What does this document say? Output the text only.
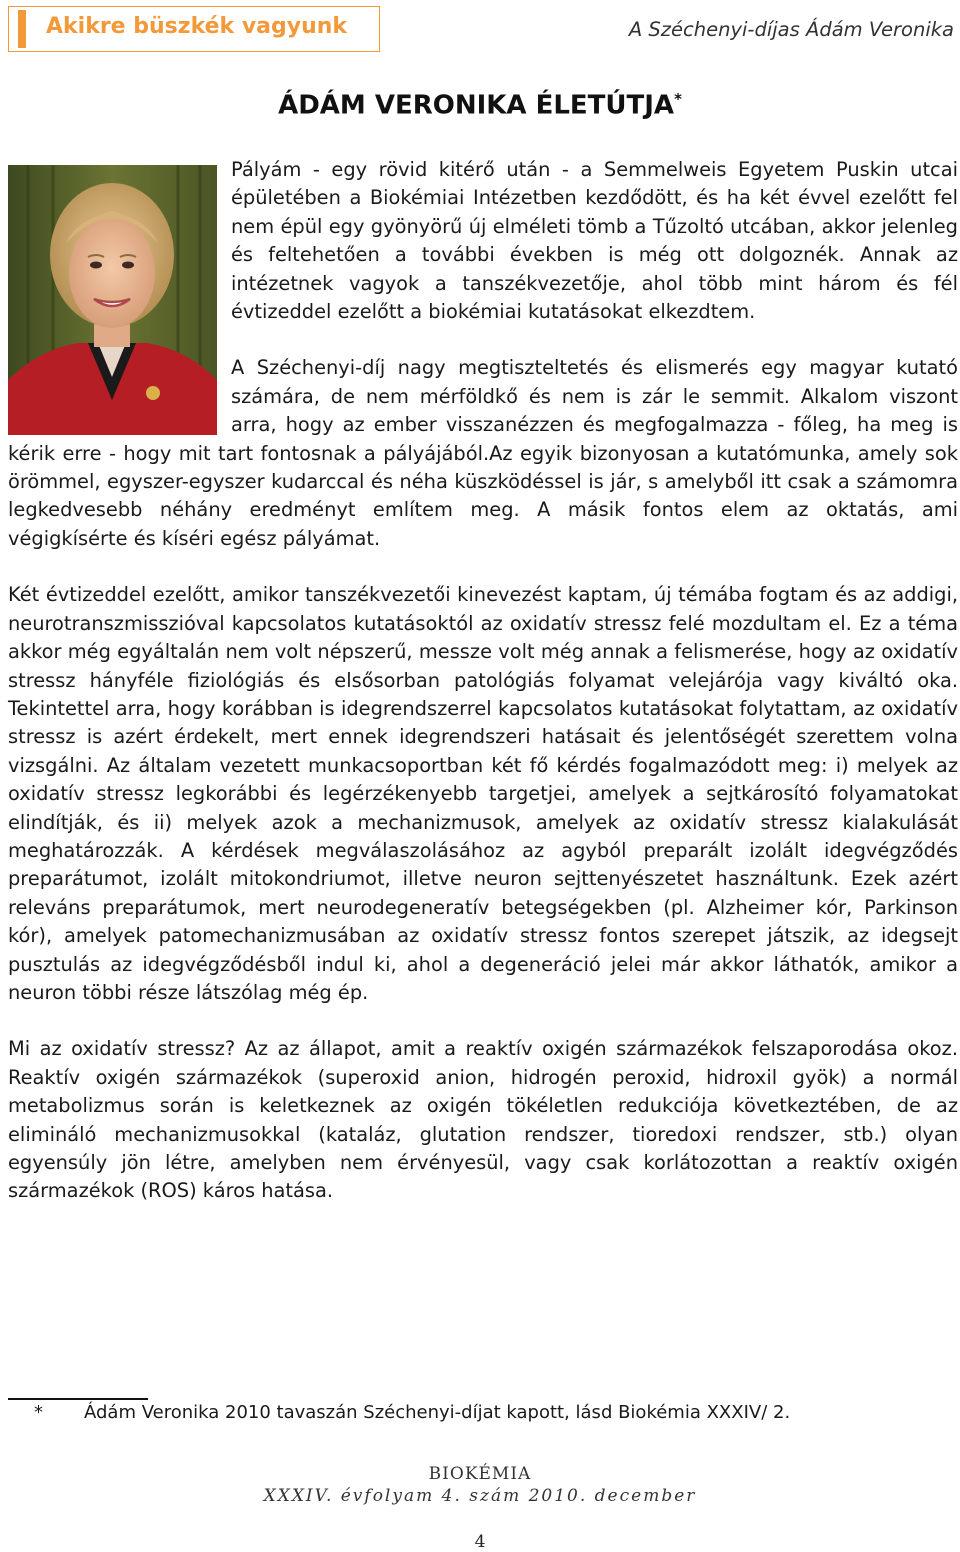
Akikre büszkék vagyunk	A Széchenyi-díjas Ádám Veronika
ÁDÁM VERONIKA ÉLETÚTJA*

Pályám - egy rövid kitérő után - a Semmelweis Egyetem Puskin utcai épületében a Biokémiai Intézetben kezdődött, és ha két évvel ezelőtt fel nem épül egy gyönyörű új elméleti tömb a Tűzoltó utcában, akkor jelenleg és feltehetően a további években is még ott dolgoznék. Annak az intézetnek vagyok a tanszékvezetője, ahol több mint három és fél évtizeddel ezelőtt a biokémiai kutatásokat elkezdtem.

A Széchenyi-díj nagy megtiszteltetés és elismerés egy magyar kutató számára, de nem mérföldkő és nem is zár le semmit. Alkalom viszont arra, hogy az ember visszanézzen és megfogalmazza - főleg, ha meg is kérik erre - hogy mit tart fontosnak a pályájából.Az egyik bizonyosan a kutatómunka, amely sok örömmel, egyszer-egyszer kudarccal és néha küszködéssel is jár, s amelyből itt csak a számomra legkedvesebb néhány eredményt említem meg. A másik fontos elem az oktatás, ami végigkísérte és kíséri egész pályámat.

Két évtizeddel ezelőtt, amikor tanszékvezetői kinevezést kaptam, új témába fogtam és az addigi, neurotranszmisszióval kapcsolatos kutatásoktól az oxidatív stressz felé mozdultam el. Ez a téma akkor még egyáltalán nem volt népszerű, messze volt még annak a felismerése, hogy az oxidatív stressz hányféle fiziológiás és elsősorban patológiás folyamat velejárója vagy kiváltó oka. Tekintettel arra, hogy korábban is idegrendszerrel kapcsolatos kutatásokat folytattam, az oxidatív stressz is azért érdekelt, mert ennek idegrendszeri hatásait és jelentőségét szerettem volna vizsgálni. Az általam vezetett munkacsoportban két fő kérdés fogalmazódott meg: i) melyek az oxidatív stressz legkorábbi és legérzékenyebb targetjei, amelyek a sejtkárosító folyamatokat elindítják, és ii) melyek azok a mechanizmusok, amelyek az oxidatív stressz kialakulását meghatározzák. A kérdések megválaszolásához az agyból preparált izolált idegvégződés preparátumot, izolált mitokondriumot, illetve neuron sejttenyészetet használtunk. Ezek azért releváns preparátumok, mert neurodegeneratív betegségekben (pl. Alzheimer kór, Parkinson kór), amelyek patomechanizmusában az oxidatív stressz fontos szerepet játszik, az idegsejt pusztulás az idegvégződésből indul ki, ahol a degeneráció jelei már akkor láthatók, amikor a neuron többi része látszólag még ép.

Mi az oxidatív stressz? Az az állapot, amit a reaktív oxigén származékok felszaporodása okoz. Reaktív oxigén származékok (superoxid anion, hidrogén peroxid, hidroxil gyök) a normál metabolizmus során is keletkeznek az oxigén tökéletlen redukciója következtében, de az elimináló mechanizmusokkal (kataláz, glutation rendszer, tioredoxi rendszer, stb.) olyan egyensúly jön létre, amelyben nem érvényesül, vagy csak korlátozottan a reaktív oxigén származékok (ROS) káros hatása.

* Ádám Veronika 2010 tavaszán Széchenyi-díjat kapott, lásd Biokémia XXXIV/ 2.
BIOKÉMIA
XXXIV. évfolyam 4. szám 2010. december
4
